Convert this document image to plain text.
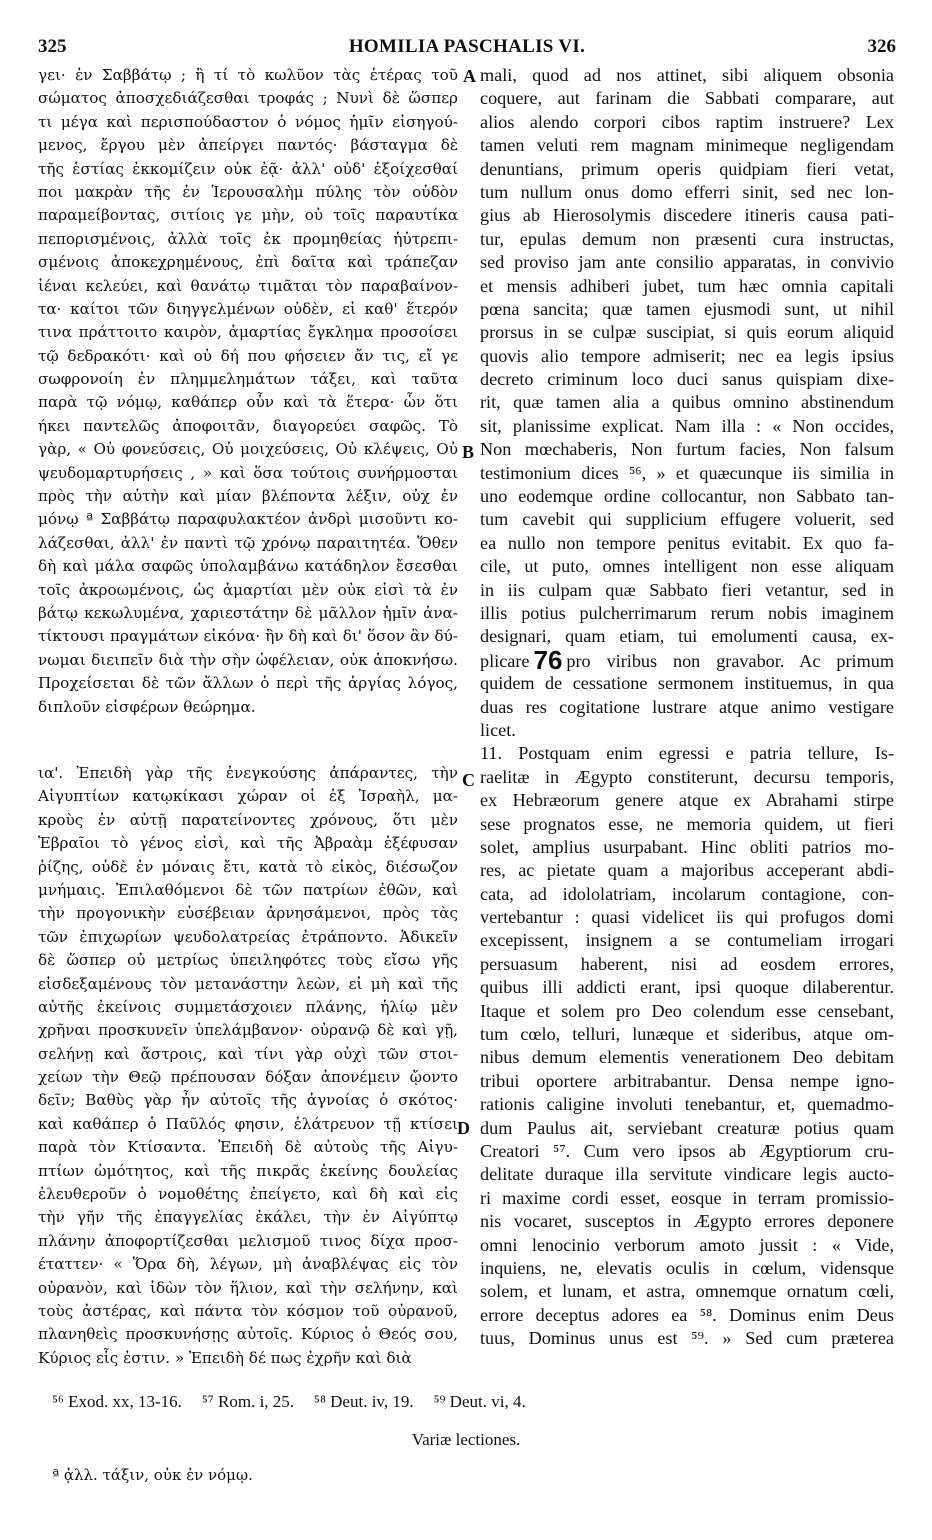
325	HOMILIA PASCHALIS VI.	326
γει· ἐν Σαββάτῳ ; ἢ τί τὸ κωλῦον τὰς ἑτέρας τοῦ
σώματος ἀποσχεδιάζεσθαι τροφάς ; Νυνὶ δὲ ὥσπερ
τι μέγα καὶ περισπούδαστον ὁ νόμος ἡμῖν εἰσηγού-
μενος, ἔργου μὲν ἀπείργει παντός· βάσταγμα δὲ
τῆς ἑστίας ἐκκομίζειν οὐκ ἐᾷ· ἀλλ' οὐδ' ἐξοίχεσθαί
ποι μακρὰν τῆς ἐν Ἱερουσαλὴμ πύλης τὸν οὐδὸν
παραμείβοντας, σιτίοις γε μὴν, οὐ τοῖς παραυτίκα
πεπορισμένοις, ἀλλὰ τοῖς ἐκ προμηθείας ἡὐτρεπι-
σμένοις ἀποκεχρημένους, ἐπὶ δαῖτα καὶ τράπεζαν
ἰέναι κελεύει, καὶ θανάτῳ τιμᾶται τὸν παραβαίνον-
τα· καίτοι τῶν διηγγελμένων οὐδὲν, εἰ καθ' ἕτερόν
τινα πράττοιτο καιρὸν, ἁμαρτίας ἔγκλημα προσοίσει
τῷ δεδρακότι· καὶ οὐ δή που φήσειεν ἄν τις, εἴ γε
σωφρονοίη ἐν πλημμελημάτων τάξει, καὶ ταῦτα
παρὰ τῷ νόμῳ, καθάπερ οὖν καὶ τὰ ἕτερα· ὧν ὅτι
ήκει παντελῶς ἀποφοιτᾶν, διαγορεύει σαφῶς. Τὸ
γὰρ, « Οὐ φονεύσεις, Οὐ μοιχεύσεις, Οὐ κλέψεις, Οὐ
ψευδομαρτυρήσεις , » καὶ ὅσα τούτοις συνήρμοσται
πρὸς τὴν αὐτὴν καὶ μίαν βλέποντα λέξιν, οὐχ ἐν
μόνῳ ª Σαββάτῳ παραφυλακτέον ἀνδρὶ μισοῦντι κο-
λάζεσθαι, ἀλλ' ἐν παντὶ τῷ χρόνῳ παραιτητέα. Ὅθεν
δὴ καὶ μάλα σαφῶς ὑπολαμβάνω κατάδηλον ἔσεσθαι
τοῖς ἀκροωμένοις, ὡς ἁμαρτίαι μὲν οὐκ εἰσὶ τὰ ἐν
βάτῳ κεκωλυμένα, χαριεστάτην δὲ μᾶλλον ἡμῖν ἀνα-
τίκτουσι πραγμάτων εἰκόνα· ἣν δὴ καὶ δι' ὅσον ἂν δύ-
νωμαι διειπεῖν διὰ τὴν σὴν ὠφέλειαν, οὐκ ἀποκνήσω.
Προχείσεται δὲ τῶν ἄλλων ὁ περὶ τῆς ἀργίας λόγος,
διπλοῦν εἰσφέρων θεώρημα.
ια'. Ἐπειδὴ γὰρ τῆς ἐνεγκούσης ἀπάραντες, τὴν
Αἰγυπτίων κατῳκίκασι χώραν οἱ ἐξ Ἰσραὴλ, μα-
κροὺς ἐν αὐτῇ παρατείνοντες χρόνους, ὅτι μὲν
Ἑβραῖοι τὸ γένος εἰσὶ, καὶ τῆς Ἀβραὰμ ἐξέφυσαν
ῥίζης, οὐδὲ ἐν μόναις ἔτι, κατὰ τὸ εἰκὸς, διέσωζον
μνήμαις. Ἐπιλαθόμενοι δὲ τῶν πατρίων ἐθῶν, καὶ
τὴν προγονικὴν εὐσέβειαν ἀρνησάμενοι, πρὸς τὰς
τῶν ἐπιχωρίων ψευδολατρείας ἐτράποντο. Ἀδικεῖν
δὲ ὥσπερ οὐ μετρίως ὑπειληφότες τοὺς εἴσω γῆς
εἰσδεξαμένους τὸν μετανάστην λεὼν, εἰ μὴ καὶ τῆς
αὐτῆς ἐκείνοις συμμετάσχοιεν πλάνης, ἡλίῳ μὲν
χρῆναι προσκυνεῖν ὑπελάμβανον· οὐρανῷ δὲ καὶ γῇ,
σελήνῃ καὶ ἄστροις, καὶ τίνι γὰρ οὐχὶ τῶν στοι-
χείων τὴν Θεῷ πρέπουσαν δόξαν ἀπονέμειν ᾤοντο
δεῖν; Βαθὺς γὰρ ἦν αὐτοῖς τῆς ἀγνοίας ὁ σκότος·
καὶ καθάπερ ὁ Παῦλός φησιν, ἐλάτρευον τῇ κτίσει
παρὰ τὸν Κτίσαντα. Ἐπειδὴ δὲ αὐτοὺς τῆς Αἰγυ-
πτίων ὠμότητος, καὶ τῆς πικρᾶς ἐκείνης δουλείας
ἐλευθεροῦν ὁ νομοθέτης ἐπείγετο, καὶ δὴ καὶ εἰς
τὴν γῆν τῆς ἐπαγγελίας ἐκάλει, τὴν ἐν Αἰγύπτῳ
πλάνην ἀποφορτίζεσθαι μελισμοῦ τινος δίχα προσ-
έταττεν· « Ὅρα δὴ, λέγων, μὴ ἀναβλέψας εἰς τὸν
οὐρανὸν, καὶ ἰδὼν τὸν ἥλιον, καὶ τὴν σελήνην, καὶ
τοὺς ἀστέρας, καὶ πάντα τὸν κόσμον τοῦ οὐρανοῦ,
πλανηθεὶς προσκυνήσῃς αὐτοῖς. Κύριος ὁ Θεός σου,
Κύριος εἷς ἐστιν. » Ἐπειδὴ δέ πως ἐχρῆν καὶ διὰ
mali, quod ad nos attinet, sibi aliquem obsonia
coquere, aut farinam die Sabbati comparare, aut
alios alendo corpori cibos raptim instruere? Lex
tamen veluti rem magnam minimeque negligendam
denuntians, primum operis quidpiam fieri vetat,
tum nullum onus domo efferri sinit, sed nec lon-
gius ab Hierosolymis discedere itineris causa pati-
tur, epulas demum non præsenti cura instructas,
sed proviso jam ante consilio apparatas, in convivio
et mensis adhiberi jubet, tum hæc omnia capitali
pœna sancita; quæ tamen ejusmodi sunt, ut nihil
prorsus in se culpæ suscipiat, si quis eorum aliquid
quovis alio tempore admiserit; nec ea legis ipsius
decreto criminum loco duci sanus quispiam dixe-
rit, quæ tamen alia a quibus omnino abstinendum
sit, planissime explicat. Nam illa : « Non occides,
Non mœchaberis, Non furtum facies, Non falsum
testimonium dices ⁵⁶, » et quæcunque iis similia in
uno eodemque ordine collocantur, non Sabbato tan-
tum cavebit qui supplicium effugere voluerit, sed
ea nullo non tempore penitus evitabit. Ex quo fa-
cile, ut puto, omnes intelligent non esse aliquam
in iis culpam quæ Sabbato fieri vetantur, sed in
illis potius pulcherrimarum rerum nobis imaginem
designari, quam etiam, tui emolumenti causa, ex-
plicare 76 pro viribus non gravabor. Ac primum
quidem de cessatione sermonem instituemus, in qua
duas res cogitatione lustrare atque animo vestigare
licet.
11. Postquam enim egressi e patria tellure, Is-
raelitæ in Ægypto constiterunt, decursu temporis,
ex Hebræorum genere atque ex Abrahami stirpe
sese prognatos esse, ne memoria quidem, ut fieri
solet, amplius usurpabant. Hinc obliti patrios mo-
res, ac pietate quam a majoribus acceperant abdi-
cata, ad idololatriam, incolarum contagione, con-
vertebantur : quasi videlicet iis qui profugos domi
excepissent, insignem a se contumeliam irrogari
persuasum haberent, nisi ad eosdem errores,
quibus illi addicti erant, ipsi quoque dilaberentur.
Itaque et solem pro Deo colendum esse censebant,
tum cœlo, telluri, lunæque et sideribus, atque om-
nibus demum elementis venerationem Deo debitam
tribui oportere arbitrabantur. Densa nempe igno-
rationis caligine involuti tenebantur, et, quemadmo-
dum Paulus ait, serviebant creaturæ potius quam
Creatori ⁵⁷. Cum vero ipsos ab Ægyptiorum cru-
delitate duraque illa servitute vindicare legis aucto-
ri maxime cordi esset, eosque in terram promissio-
nis vocaret, susceptos in Ægypto errores deponere
omni lenocinio verborum amoto jussit : « Vide,
inquiens, ne, elevatis oculis in cœlum, vidensque
solem, et lunam, et astra, omnemque ornatum cœli,
errore deceptus adores ea ⁵⁸. Dominus enim Deus
tuus, Dominus unus est ⁵⁹. » Sed cum præterea
A
B
C
D
⁵⁶ Exod. xx, 13-16. ⁵⁷ Rom. i, 25. ⁵⁸ Deut. iv, 19. ⁵⁹ Deut. vi, 4.
Variæ lectiones.
ª ᾀλλ. τάξιν, οὐκ ἐν νόμῳ.
